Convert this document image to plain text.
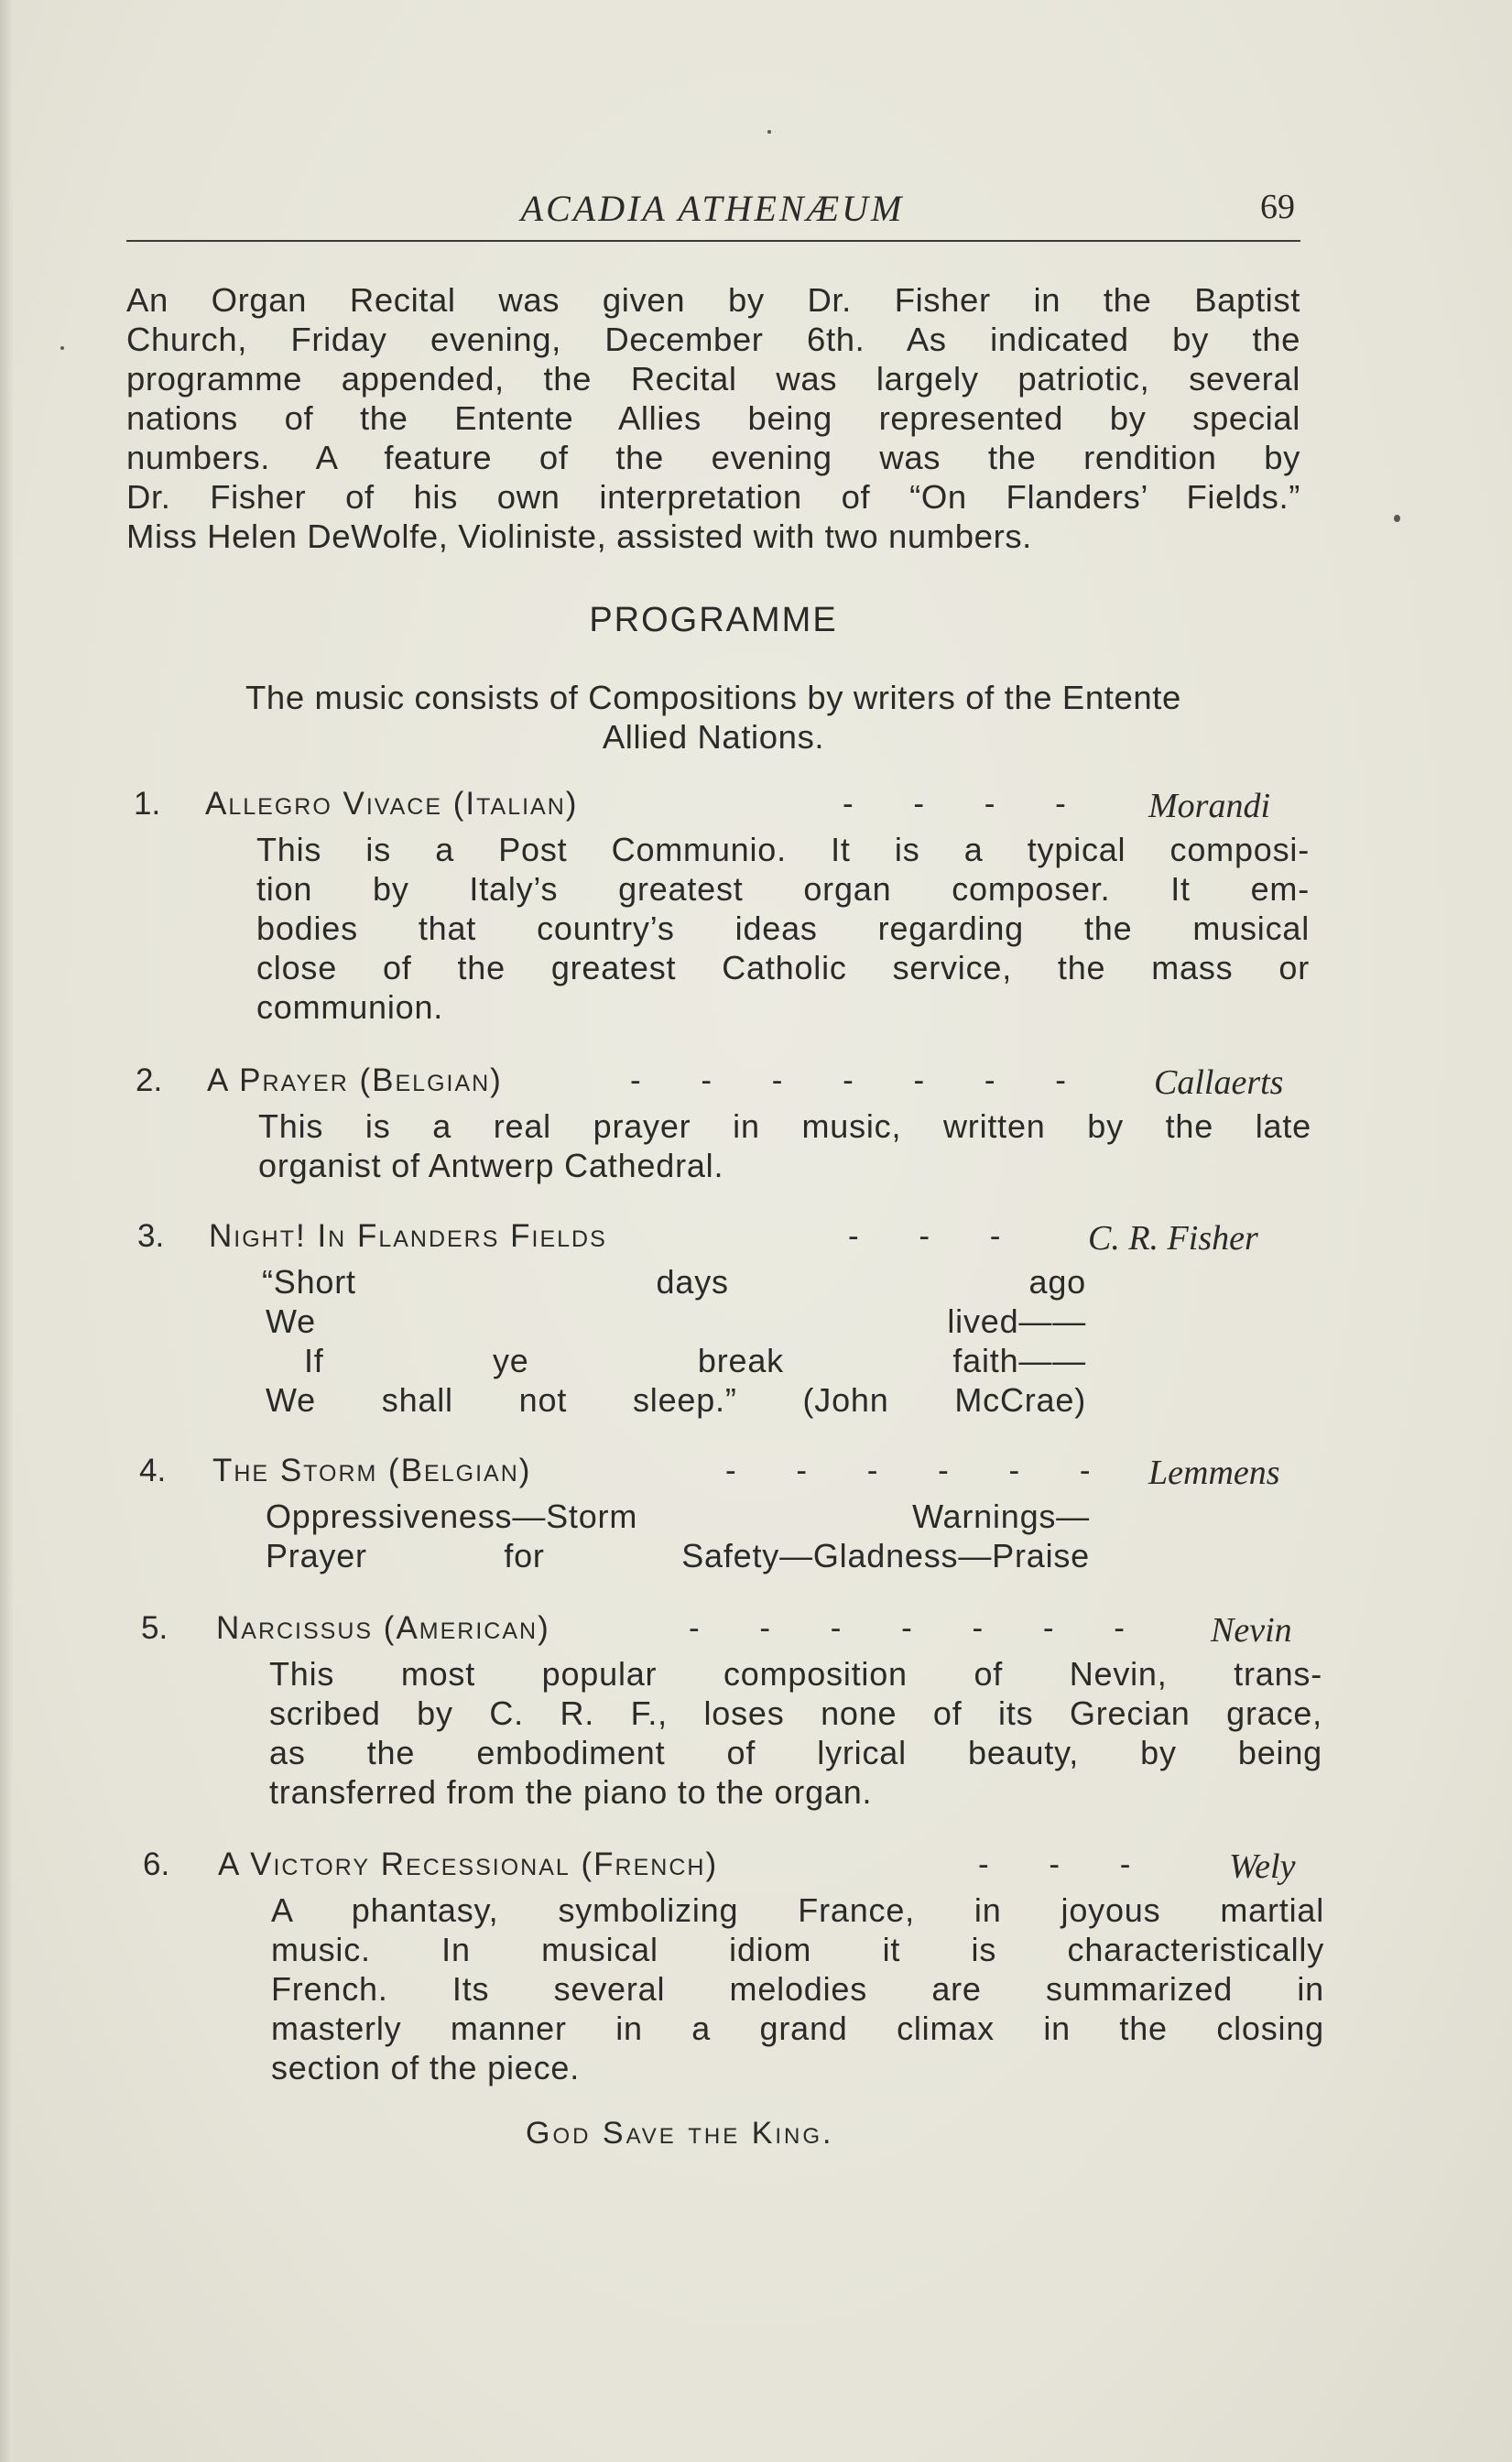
ACADIA ATHENÆUM	69
An Organ Recital was given by Dr. Fisher in the Baptist
Church, Friday evening, December 6th. As indicated by the
programme appended, the Recital was largely patriotic, several
nations of the Entente Allies being represented by special
numbers. A feature of the evening was the rendition by
Dr. Fisher of his own interpretation of “On Flanders’ Fields.”
Miss Helen DeWolfe, Violiniste, assisted with two numbers.
PROGRAMME
The music consists of Compositions by writers of the Entente
Allied Nations.
1. Allegro Vivace (Italian)	- - - - Morandi
This is a Post Communio. It is a typical composi-
tion by Italy’s greatest organ composer. It em-
bodies that country’s ideas regarding the musical
close of the greatest Catholic service, the mass or
communion.
2. A Prayer (Belgian)	- - - - - - - Callaerts
This is a real prayer in music, written by the late
organist of Antwerp Cathedral.
3. Night! In Flanders Fields	- - - C. R. Fisher
“Short days ago
We lived——
If ye break faith——
We shall not sleep.” (John McCrae)
4. The Storm (Belgian)	- - - - - - Lemmens
Oppressiveness—Storm Warnings—
Prayer for Safety—Gladness—Praise
5. Narcissus (American)	- - - - - - - Nevin
This most popular composition of Nevin, trans-
scribed by C. R. F., loses none of its Grecian grace,
as the embodiment of lyrical beauty, by being
transferred from the piano to the organ.
6. A Victory Recessional (French)	- - - Wely
A phantasy, symbolizing France, in joyous martial
music. In musical idiom it is characteristically
French. Its several melodies are summarized in
masterly manner in a grand climax in the closing
section of the piece.
God Save the King.
